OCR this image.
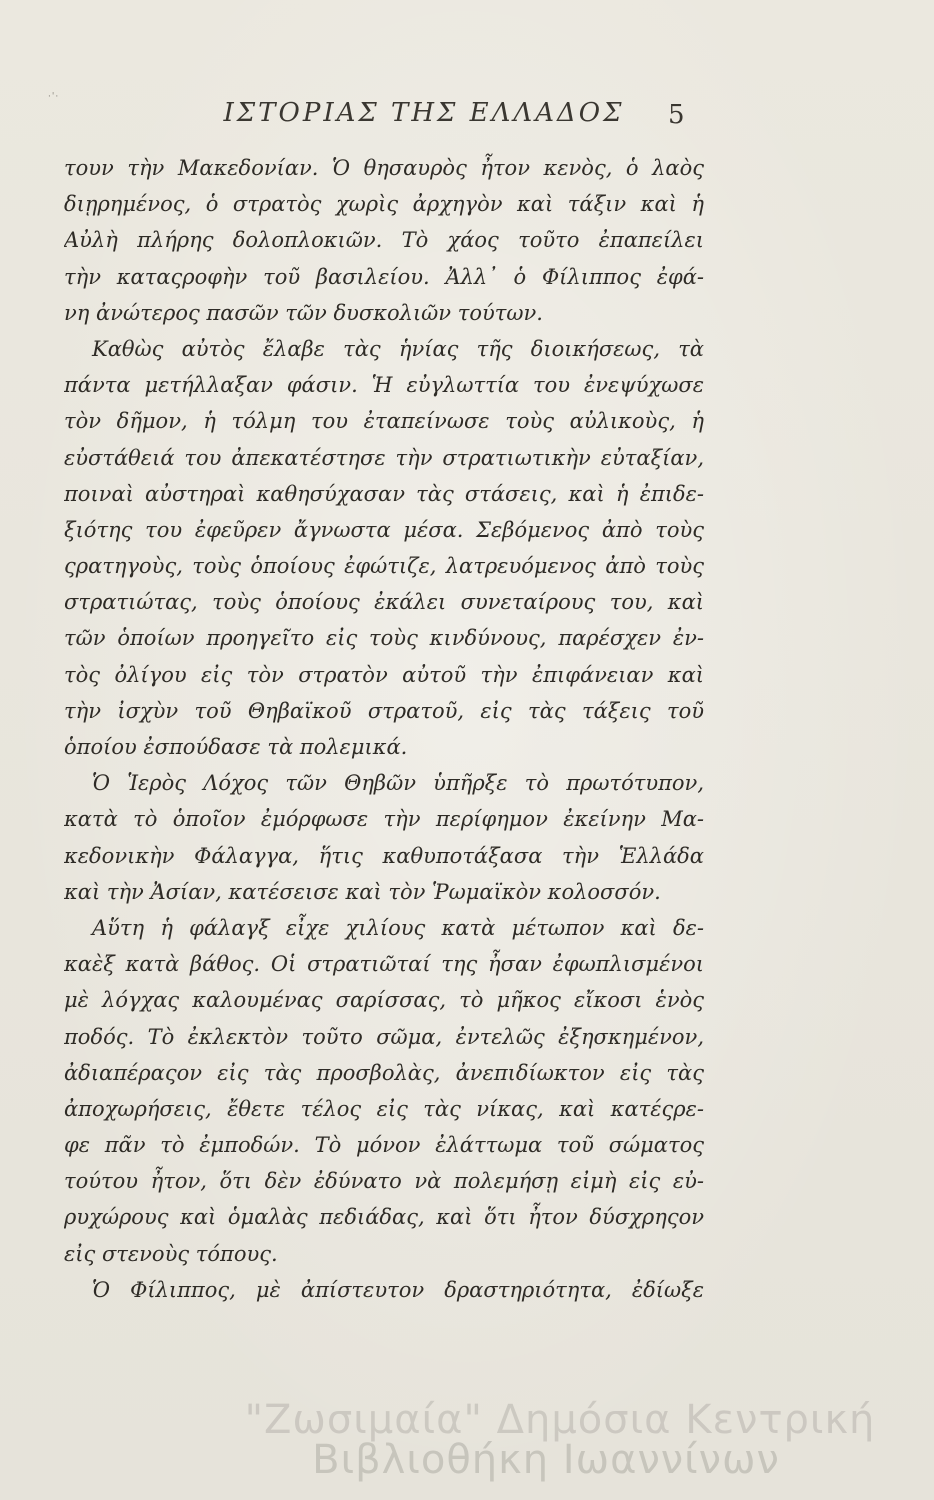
·'·
ΙΣΤΟΡΙΑΣ ΤΗΣ ΕΛΛΑΔΟΣ	5
τουν τὴν Μακεδονίαν. Ὁ θησαυρὸς ἦτον κενὸς, ὁ λαὸς
διῃρημένος, ὁ στρατὸς χωρὶς ἀρχηγὸν καὶ τάξιν καὶ ἡ
Αὐλὴ πλήρης δολοπλοκιῶν. Τὸ χάος τοῦτο ἐπαπείλει
τὴν καταςροφὴν τοῦ βασιλείου. Ἀλλ᾽ ὁ Φίλιππος ἐφά-
νη ἀνώτερος πασῶν τῶν δυσκολιῶν τούτων.
Καθὼς αὐτὸς ἔλαβε τὰς ἡνίας τῆς διοικήσεως, τὰ
πάντα μετήλλαξαν φάσιν. Ἡ εὐγλωττία του ἐνεψύχωσε
τὸν δῆμον, ἡ τόλμη του ἐταπείνωσε τοὺς αὐλικοὺς, ἡ
εὐστάθειά του ἀπεκατέστησε τὴν στρατιωτικὴν εὐταξίαν,
ποιναὶ αὐστηραὶ καθησύχασαν τὰς στάσεις, καὶ ἡ ἐπιδε-
ξιότης του ἐφεῦρεν ἄγνωστα μέσα. Σεβόμενος ἀπὸ τοὺς
ςρατηγοὺς, τοὺς ὁποίους ἐφώτιζε, λατρευόμενος ἀπὸ τοὺς
στρατιώτας, τοὺς ὁποίους ἐκάλει συνεταίρους του, καὶ
τῶν ὁποίων προηγεῖτο εἰς τοὺς κινδύνους, παρέσχεν ἐν-
τὸς ὀλίγου εἰς τὸν στρατὸν αὐτοῦ τὴν ἐπιφάνειαν καὶ
τὴν ἰσχὺν τοῦ Θηβαϊκοῦ στρατοῦ, εἰς τὰς τάξεις τοῦ
ὁποίου ἐσπούδασε τὰ πολεμικά.
Ὁ Ἱερὸς Λόχος τῶν Θηβῶν ὑπῆρξε τὸ πρωτότυπον,
κατὰ τὸ ὁποῖον ἐμόρφωσε τὴν περίφημον ἐκείνην Μα-
κεδονικὴν Φάλαγγα, ἥτις καθυποτάξασα τὴν Ἑλλάδα
καὶ τὴν Ἀσίαν, κατέσεισε καὶ τὸν Ῥωμαϊκὸν κολοσσόν.
Αὕτη ἡ φάλαγξ εἶχε χιλίους κατὰ μέτωπον καὶ δε-
καὲξ κατὰ βάθος. Οἱ στρατιῶταί της ἦσαν ἐφωπλισμένοι
μὲ λόγχας καλουμένας σαρίσσας, τὸ μῆκος εἴκοσι ἑνὸς
ποδός. Τὸ ἐκλεκτὸν τοῦτο σῶμα, ἐντελῶς ἐξησκημένον,
ἀδιαπέραςον εἰς τὰς προσβολὰς, ἀνεπιδίωκτον εἰς τὰς
ἀποχωρήσεις, ἔθετε τέλος εἰς τὰς νίκας, καὶ κατέςρε-
φε πᾶν τὸ ἐμποδών. Τὸ μόνον ἐλάττωμα τοῦ σώματος
τούτου ἦτον, ὅτι δὲν ἐδύνατο νὰ πολεμήσῃ εἰμὴ εἰς εὐ-
ρυχώρους καὶ ὁμαλὰς πεδιάδας, καὶ ὅτι ἦτον δύσχρηςον
εἰς στενοὺς τόπους.
Ὁ Φίλιππος, μὲ ἀπίστευτον δραστηριότητα, ἐδίωξε
"Ζωσιμαία" Δημόσια Κεντρική
Βιβλιοθήκη Ιωαννίνων
